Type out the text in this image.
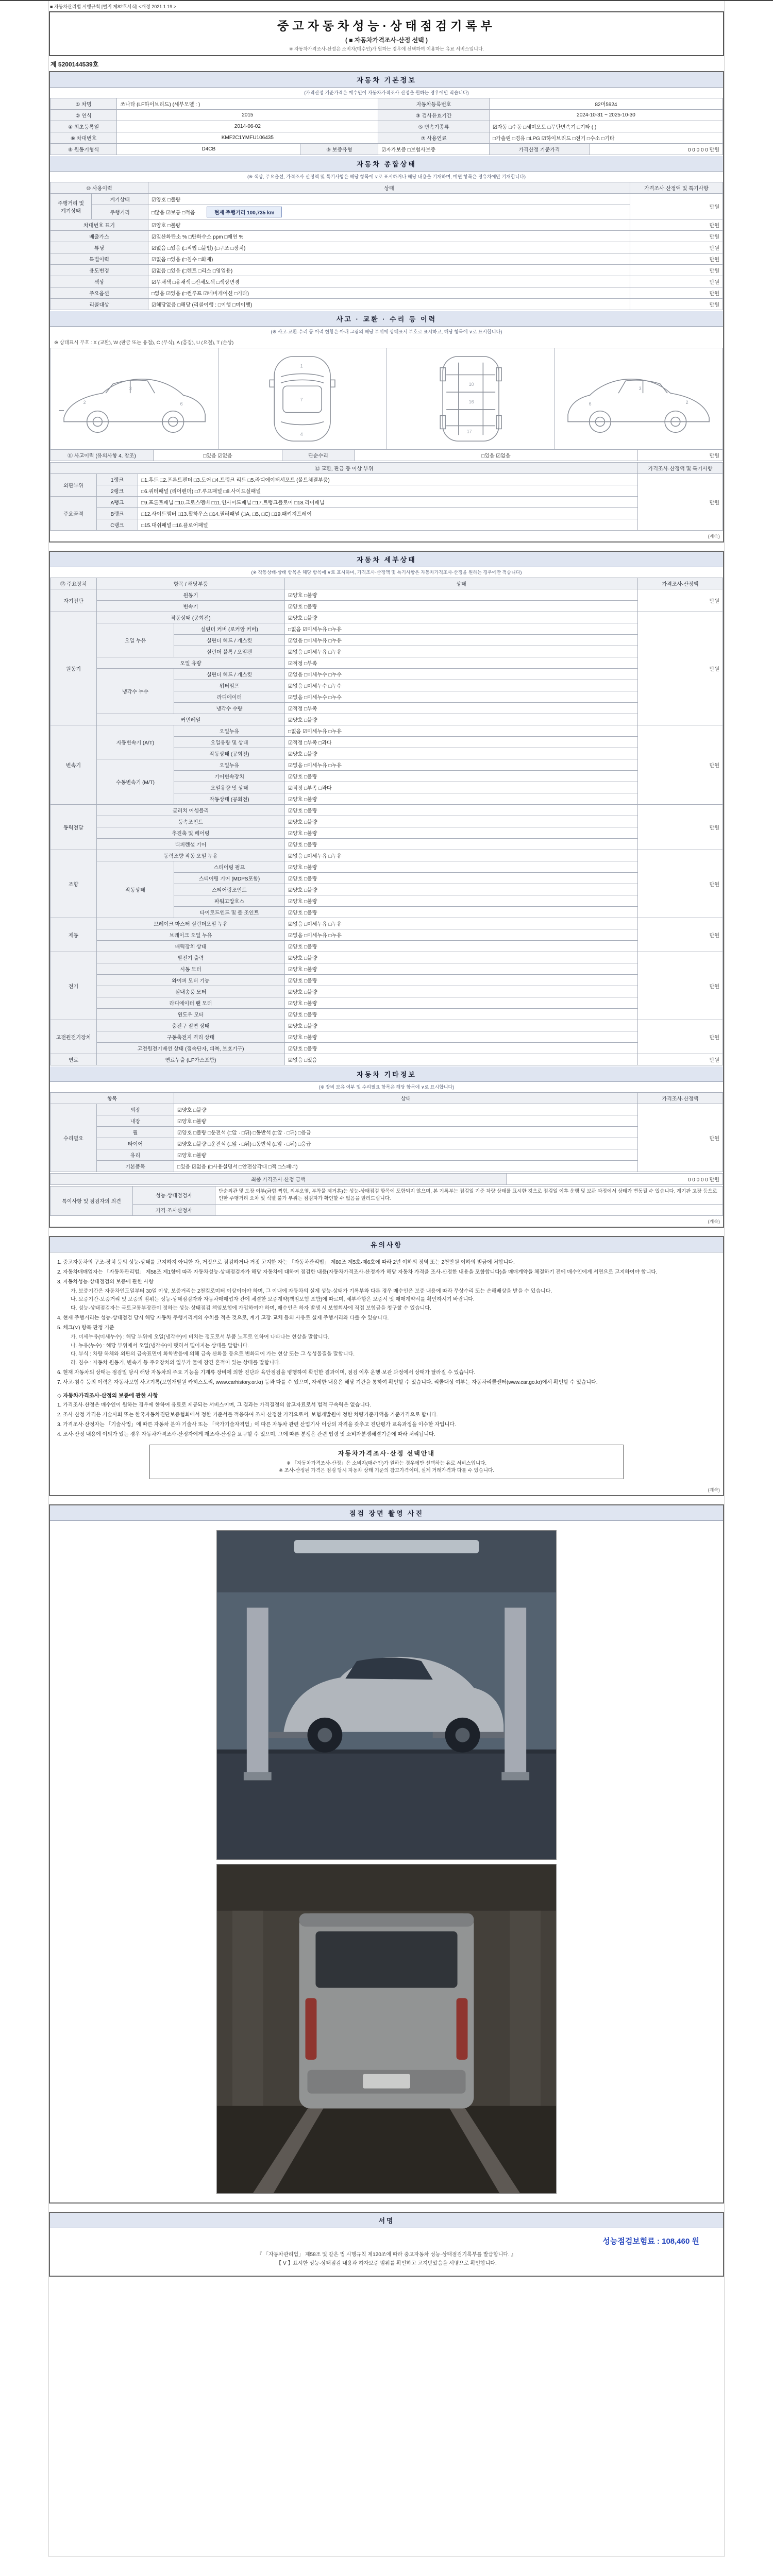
■ 자동차관리법 시행규칙 [별지 제82호서식] <개정 2021.1.19.>
중고자동차성능·상태점검기록부
( ■ 자동차가격조사·산정 선택 )
※ 자동차가격조사·산정은 소비자(매수인)가 원하는 경우에 선택하여 이용하는 유료 서비스입니다.
제 5200144539호
자동차 기본정보
(가격산정 기준가격은 매수인이 자동차가격조사·산정을 원하는 경우에만 적습니다)
① 차명	쏘나타 (LF하이브리드) (세부모델 : )		자동차등록번호	82머5924	
② 연식	2015		③ 검사유효기간	2024-10-31 ~ 2025-10-30	
④ 최초등록일	2014-06-02		⑤ 변속기종류	☑자동 □수동 □세미오토 □무단변속기 □기타 ( )	
⑥ 차대번호	KMF2C1YMFU106435		⑦ 사용연료	□가솔린 □경유 □LPG ☑하이브리드 □전기 □수소 □기타	
⑧ 원동기형식	D4CB	⑨ 보증유형	☑자가보증 □보험사보증	가격산정 기준가격	0 0 0 0 0 만원
자동차 종합상태
(※ 색상, 주요옵션, 가격조사·산정액 및 특기사항은 해당 항목에 ∨로 표시하거나 해당 내용을 기재하며, 매연 항목은 경유차에만 기재합니다)
⑩ 사용이력		상태	가격조사·산정액 및 특기사항
주행거리 및 계기상태	계기상태	☑양호 □불량	만원
	주행거리	□많음 ☑보통 □적음 현재 주행거리 100,735 km	
차대번호 표기		☑양호 □불량	만원
배출가스		☑일산화탄소 % □탄화수소 ppm □매연 %	만원
튜닝		☑없음 □있음 (□적법 □불법) (□구조 □장치)	만원
특별이력		☑없음 □있음 (□침수 □화재)	만원
용도변경		☑없음 □있음 (□렌트 □리스 □영업용)	만원
색상		☑무채색 □유채색 □전체도색 □색상변경	만원
주요옵션		□없음 ☑있음 (□썬루프 ☑네비게이션 □기타)	만원
리콜대상		☑해당없음 □해당 (리콜이행 : □이행 □미이행)	만원
사고 · 교환 · 수리 등 이력
(※ 사고·교환·수리 등 이력 현황은 아래 그림의 해당 부위에 상태표시 부호로 표시하고, 해당 항목에 ∨로 표시합니다)
※ 상태표시 부호 : X (교환), W (판금 또는 용접), C (부식), A (흠집), U (요철), T (손상)
2
3
6
1
7
4
10
16
17
6
3
2
⑪ 사고이력 (유의사항 4. 참조)	□있음 ☑없음	단순수리	□있음 ☑없음	만원
⑫ 교환, 판금 등 이상 부위			가격조사·산정액 및 특기사항
외판부위	1랭크	□1.후드 □2.프론트펜더 □3.도어 □4.트렁크 리드 □5.라디에이터서포트 (볼트체결부품)	만원
	2랭크	□6.쿼터패널 (리어펜더) □7.루프패널 □8.사이드실패널	
주요골격	A랭크	□9.프론트패널 □10.크로스멤버 □11.인사이드패널 □17.트렁크플로어 □18.리어패널	
	B랭크	□12.사이드멤버 □13.휠하우스 □14.필러패널 (□A, □B, □C) □19.패키지트레이	
	C랭크	□15.대쉬패널 □16.플로어패널	
(계속)
자동차 세부상태
(※ 작동상태·상태 항목은 해당 항목에 ∨로 표시하며, 가격조사·산정액 및 특기사항은 자동차가격조사·산정을 원하는 경우에만 적습니다)
⑬ 주요장치	항목 / 해당부품		상태	가격조사·산정액
자기진단	원동기		☑양호 □불량	만원
	변속기		☑양호 □불량	
원동기	작동상태 (공회전)		☑양호 □불량	만원
	오일 누유	실린더 커버 (로커암 커버)	□없음 ☑미세누유 □누유	
		실린더 헤드 / 개스킷	☑없음 □미세누유 □누유	
		실린더 블록 / 오일팬	☑없음 □미세누유 □누유	
	오일 유량		☑적정 □부족	
	냉각수 누수	실린더 헤드 / 개스킷	☑없음 □미세누수 □누수	
		워터펌프	☑없음 □미세누수 □누수	
		라디에이터	☑없음 □미세누수 □누수	
		냉각수 수량	☑적정 □부족	
	커먼레일		☑양호 □불량	
변속기	자동변속기 (A/T)	오일누유	□없음 ☑미세누유 □누유	만원
		오일유량 및 상태	☑적정 □부족 □과다	
		작동상태 (공회전)	☑양호 □불량	
	수동변속기 (M/T)	오일누유	☑없음 □미세누유 □누유	
		기어변속장치	☑양호 □불량	
		오일유량 및 상태	☑적정 □부족 □과다	
		작동상태 (공회전)	☑양호 □불량	
동력전달	클러치 어셈블리		☑양호 □불량	만원
	등속조인트		☑양호 □불량	
	추진축 및 베어링		☑양호 □불량	
	디퍼렌셜 기어		☑양호 □불량	
조향	동력조향 작동 오일 누유		☑없음 □미세누유 □누유	만원
	작동상태	스티어링 펌프	☑양호 □불량	
		스티어링 기어 (MDPS포함)	☑양호 □불량	
		스티어링조인트	☑양호 □불량	
		파워고압호스	☑양호 □불량	
		타이로드엔드 및 볼 조인트	☑양호 □불량	
제동	브레이크 마스터 실린더오일 누유		☑없음 □미세누유 □누유	만원
	브레이크 오일 누유		☑없음 □미세누유 □누유	
	배력장치 상태		☑양호 □불량	
전기	발전기 출력		☑양호 □불량	만원
	시동 모터		☑양호 □불량	
	와이퍼 모터 기능		☑양호 □불량	
	실내송풍 모터		☑양호 □불량	
	라디에이터 팬 모터		☑양호 □불량	
	윈도우 모터		☑양호 □불량	
고전원전기장치	충전구 절연 상태		☑양호 □불량	만원
	구동축전지 격리 상태		☑양호 □불량	
	고전원전기배선 상태 (접속단자, 피복, 보호기구)		☑양호 □불량	
연료	연료누출 (LP가스포함)		☑없음 □있음	만원
자동차 기타정보
(※ 장비 보유 여부 및 수리필요 항목은 해당 항목에 ∨로 표시합니다)
항목		상태	가격조사·산정액
수리필요	외장	☑양호 □불량	만원
	내장	☑양호 □불량	
	휠	☑양호 □불량 □운전석 (□앞 · □뒤) □동반석 (□앞 · □뒤) □응급	
	타이어	☑양호 □불량 □운전석 (□앞 · □뒤) □동반석 (□앞 · □뒤) □응급	
	유리	☑양호 □불량	
	기본품목	□있음 ☑없음 (□사용설명서 □안전삼각대 □잭 □스패너)	
최종 가격조사·산정 금액	0 0 0 0 0 만원
특이사항 및 점검자의 의견	성능·상태점검자	단순외관 및 도장 여부(긁힘·찍힘, 외부오염, 부착물 제거흔)는 성능·상태점검 항목에 포함되지 않으며, 본 기록부는 점검일 기준 차량 상태를 표시한 것으로 점검일 이후 운행 및 보관 과정에서 상태가 변동될 수 있습니다. 계기판 고장 등으로 인한 주행거리 오차 및 식별 불가 부위는 점검자가 확인할 수 없음을 알려드립니다.
	가격·조사산정자	
(계속)
유의사항
1. 중고자동차의 구조·장치 등의 성능·상태를 고지하지 아니한 자, 거짓으로 점검하거나 거짓 고지한 자는 「자동차관리법」 제80조 제5호·제6호에 따라 2년 이하의 징역 또는 2천만원 이하의 벌금에 처합니다.
2. 자동차매매업자는 「자동차관리법」 제58조 제1항에 따라 자동차성능·상태점검자가 해당 자동차에 대하여 점검한 내용(자동차가격조사·산정자가 해당 자동차 가격을 조사·산정한 내용을 포함합니다)을 매매계약을 체결하기 전에 매수인에게 서면으로 고지하여야 합니다.
3. 자동차성능·상태점검의 보증에 관한 사항
가. 보증기간은 자동차인도일부터 30일 이상, 보증거리는 2천킬로미터 이상이어야 하며, 그 이내에 자동차의 실제 성능·상태가 기록부와 다른 경우 매수인은 보증 내용에 따라 무상수리 또는 손해배상을 받을 수 있습니다.
나. 보증기간·보증거리 및 보증의 범위는 성능·상태점검자와 자동차매매업자 간에 체결한 보증계약(책임보험 포함)에 따르며, 세부사항은 보증서 및 매매계약서를 확인하시기 바랍니다.
다. 성능·상태점검자는 국토교통부장관이 정하는 성능·상태점검 책임보험에 가입하여야 하며, 매수인은 하자 발생 시 보험회사에 직접 보험금을 청구할 수 있습니다.
4. 현재 주행거리는 성능·상태점검 당시 해당 자동차 주행거리계의 수치를 적은 것으로, 계기 고장·교체 등의 사유로 실제 주행거리와 다를 수 있습니다.
5. 체크(∨) 항목 판정 기준
가. 미세누유(미세누수) : 해당 부위에 오일(냉각수)이 비치는 정도로서 부품 노후로 인하여 나타나는 현상을 말합니다.
나. 누유(누수) : 해당 부위에서 오일(냉각수)이 맺혀서 떨어지는 상태를 말합니다.
다. 부식 : 차량 하체와 외판의 금속표면이 화학반응에 의해 금속 산화물 등으로 변화되어 가는 현상 또는 그 생성물질을 말합니다.
라. 침수 : 자동차 원동기, 변속기 등 주요장치의 일부가 물에 잠긴 흔적이 있는 상태를 말합니다.
6. 현재 자동차의 상태는 점검일 당시 해당 자동차의 주요 기능을 기계류 장비에 의한 진단과 육안점검을 병행하여 확인한 결과이며, 점검 이후 운행·보관 과정에서 상태가 달라질 수 있습니다.
7. 사고·침수 등의 이력은 자동차보험 사고기록(보험개발원 카히스토리, www.carhistory.or.kr) 등과 다를 수 있으며, 자세한 내용은 해당 기관을 통하여 확인할 수 있습니다. 리콜대상 여부는 자동차리콜센터(www.car.go.kr)에서 확인할 수 있습니다.
◇ 자동차가격조사·산정의 보증에 관한 사항
1. 가격조사·산정은 매수인이 원하는 경우에 한하여 유료로 제공되는 서비스이며, 그 결과는 가격결정의 참고자료로서 법적 구속력은 없습니다.
2. 조사·산정 가격은 기술사회 또는 한국자동차진단보증협회에서 정한 기준서를 적용하여 조사·산정한 가격으로서, 보험개발원이 정한 차량기준가액을 기준가격으로 합니다.
3. 가격조사·산정자는 「기술사법」에 따른 자동차 분야 기술사 또는 「국가기술자격법」에 따른 자동차 관련 산업기사 이상의 자격을 갖추고 진단평가 교육과정을 이수한 자입니다.
4. 조사·산정 내용에 이의가 있는 경우 자동차가격조사·산정자에게 재조사·산정을 요구할 수 있으며, 그에 따른 분쟁은 관련 법령 및 소비자분쟁해결기준에 따라 처리됩니다.
자동차가격조사·산정 선택안내
※ 「자동차가격조사·산정」은 소비자(매수인)가 원하는 경우에만 선택하는 유료 서비스입니다.
※ 조사·산정된 가격은 점검 당시 자동차 상태 기준의 참고가격이며, 실제 거래가격과 다를 수 있습니다.
(계속)
점검 장면 촬영 사진
서명
성능점검보험료 : 108,460 원
『 「자동차관리법」 제58조 및 같은 법 시행규칙 제120조에 따라 중고자동차 성능·상태점검기록부를 발급합니다. 』
【 V 】표시한 성능·상태점검 내용과 하자보증 범위를 확인하고 고지받았음을 서명으로 확인합니다.
